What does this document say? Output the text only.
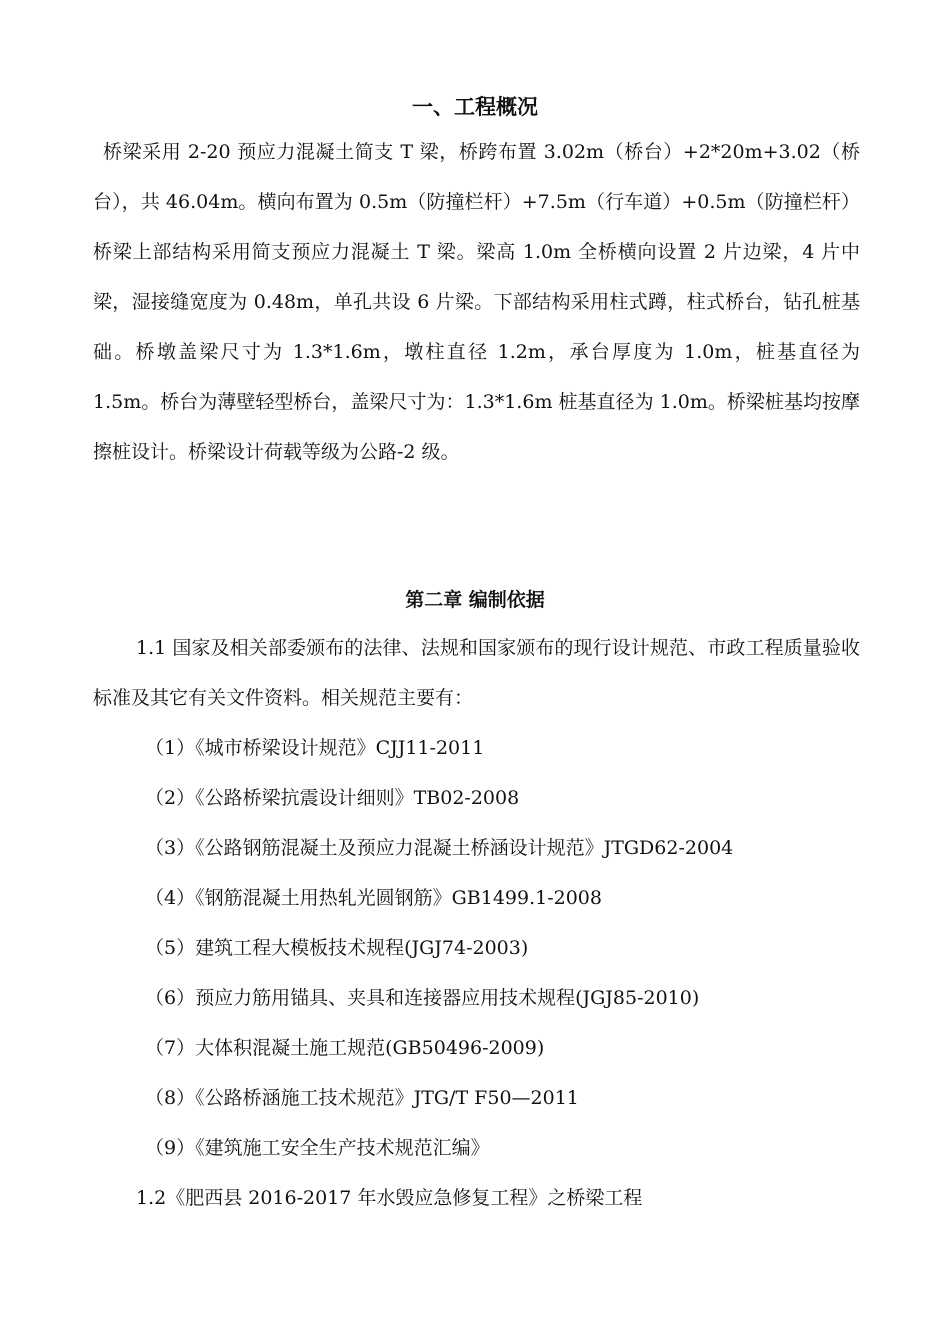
一、工程概况

桥梁采用 2-20 预应力混凝土简支 T 梁，桥跨布置 3.02m（桥台）+2*20m+3.02（桥台），共 46.04m。横向布置为 0.5m（防撞栏杆）+7.5m（行车道）+0.5m（防撞栏杆）桥梁上部结构采用简支预应力混凝土 T 梁。梁高 1.0m 全桥横向设置 2 片边梁，4 片中梁，湿接缝宽度为 0.48m，单孔共设 6 片梁。下部结构采用柱式蹲，柱式桥台，钻孔桩基础。桥墩盖梁尺寸为 1.3*1.6m，墩柱直径 1.2m，承台厚度为 1.0m，桩基直径为 1.5m。桥台为薄壁轻型桥台，盖梁尺寸为：1.3*1.6m 桩基直径为 1.0m。桥梁桩基均按摩擦桩设计。桥梁设计荷载等级为公路-2 级。

第二章 编制依据

1.1 国家及相关部委颁布的法律、法规和国家颁布的现行设计规范、市政工程质量验收标准及其它有关文件资料。相关规范主要有：

（1）《城市桥梁设计规范》CJJ11-2011
（2）《公路桥梁抗震设计细则》TB02-2008
（3）《公路钢筋混凝土及预应力混凝土桥涵设计规范》JTGD62-2004
（4）《钢筋混凝土用热轧光圆钢筋》GB1499.1-2008
（5）建筑工程大模板技术规程(JGJ74-2003)
（6）预应力筋用锚具、夹具和连接器应用技术规程(JGJ85-2010)
（7）大体积混凝土施工规范(GB50496-2009)
（8）《公路桥涵施工技术规范》JTG/T F50—2011
（9）《建筑施工安全生产技术规范汇编》

1.2《肥西县 2016-2017 年水毁应急修复工程》之桥梁工程
